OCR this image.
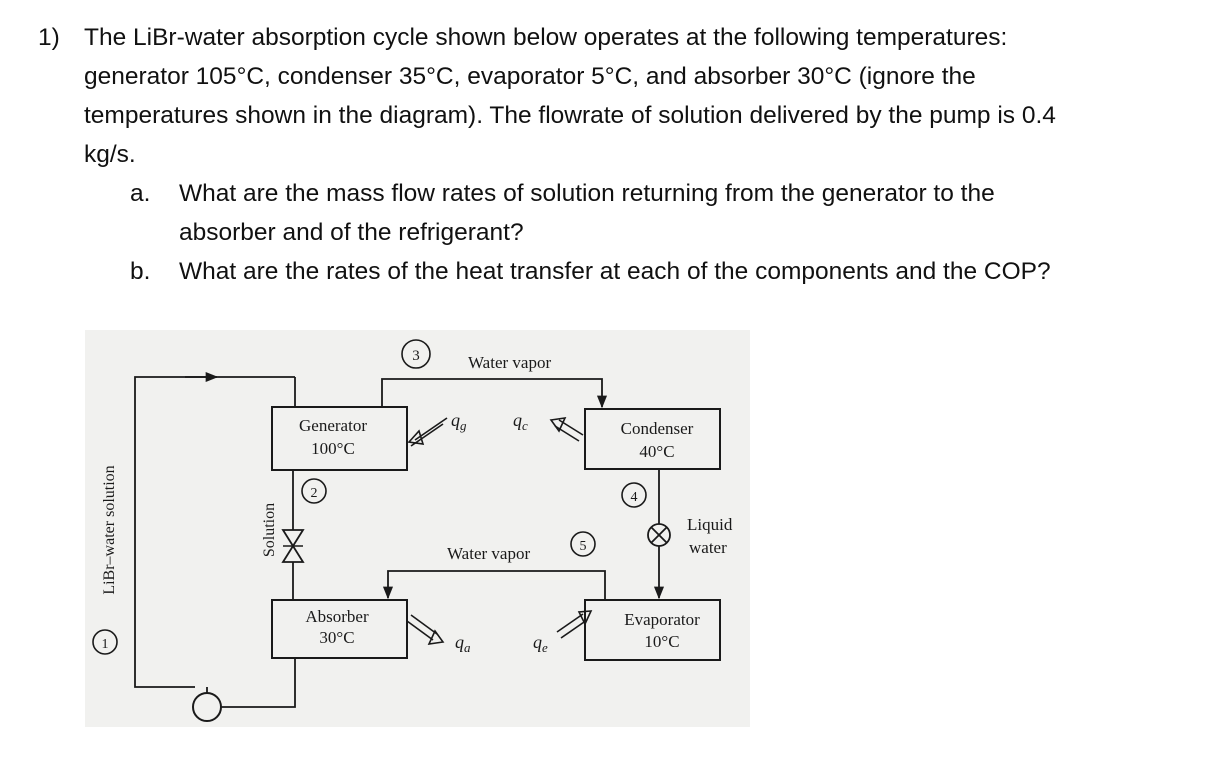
1) The LiBr-water absorption cycle shown below operates at the following temperatures:
generator 105°C, condenser 35°C, evaporator 5°C, and absorber 30°C (ignore the
temperatures shown in the diagram). The flowrate of solution delivered by the pump is 0.4
kg/s.
a. What are the mass flow rates of solution returning from the generator to the
absorber and of the refrigerant?
b. What are the rates of the heat transfer at each of the components and the COP?
Generator
100°C
Condenser
40°C
Absorber
30°C
Evaporator
10°C
Water vapor
3
LiBr–water solution
1
Solution
2	4
Liquid
water
Water vapor	5
$q_g$	$q_c$
$q_a$	$q_e$
